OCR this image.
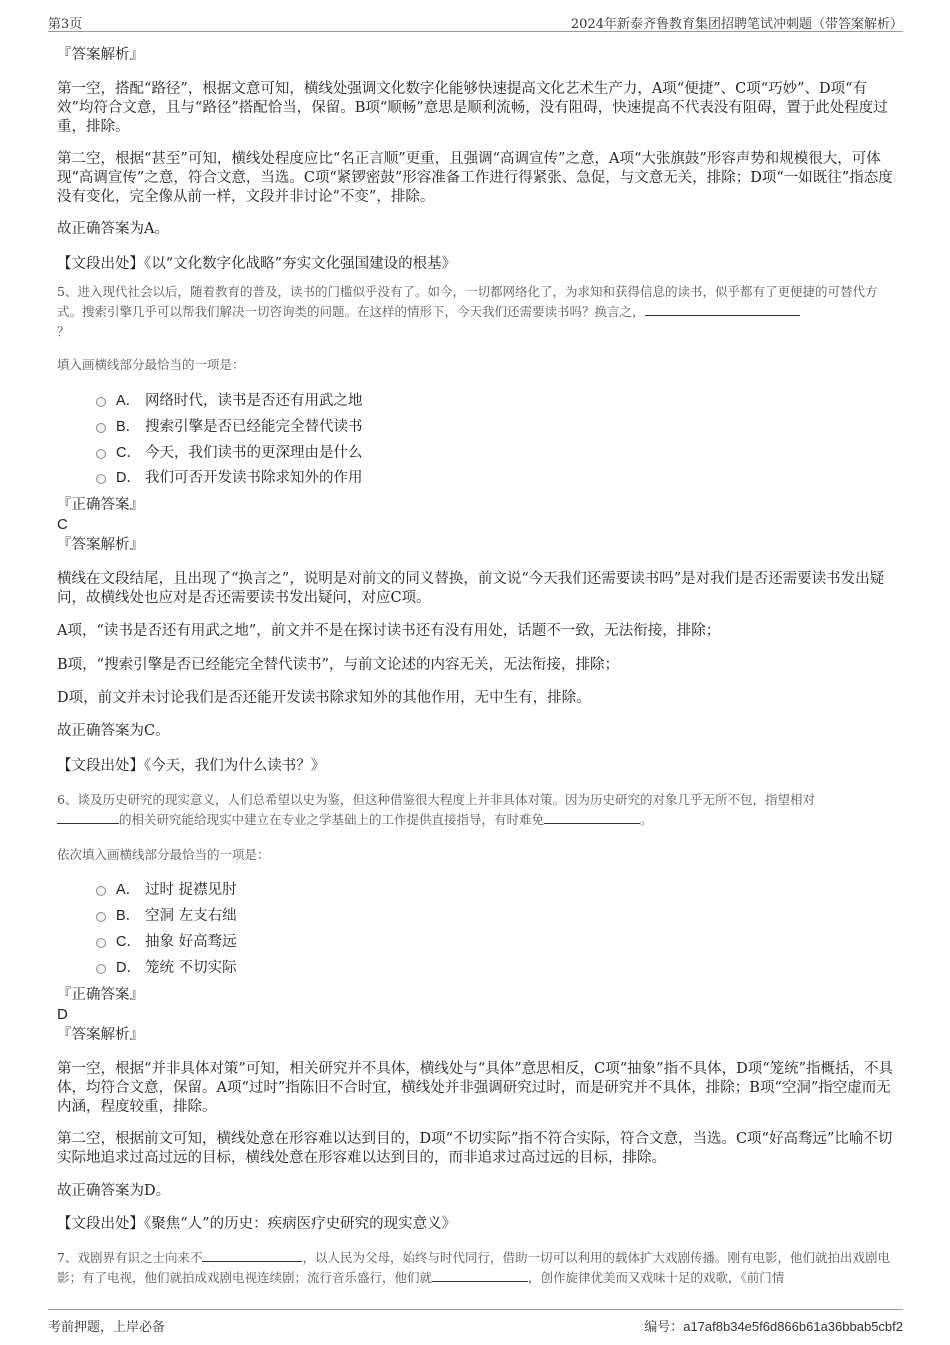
第3页	2024年新泰齐鲁教育集团招聘笔试冲刺题（带答案解析）
『答案解析』
第一空，搭配“路径”，根据文意可知，横线处强调文化数字化能够快速提高文化艺术生产力，A项“便捷”、C项“巧妙”、D项“有效”均符合文意，且与“路径”搭配恰当，保留。B项“顺畅”意思是顺利流畅，没有阻碍，快速提高不代表没有阻碍，置于此处程度过重，排除。
第二空，根据“甚至”可知，横线处程度应比“名正言顺”更重，且强调“高调宣传”之意，A项“大张旗鼓”形容声势和规模很大，可体现“高调宣传”之意，符合文意，当选。C项“紧锣密鼓”形容准备工作进行得紧张、急促，与文意无关，排除；D项“一如既往”指态度没有变化，完全像从前一样，文段并非讨论“不变”，排除。
故正确答案为A。
【文段出处】《以“文化数字化战略”夯实文化强国建设的根基》
5、进入现代社会以后，随着教育的普及，读书的门槛似乎没有了。如今，一切都网络化了，为求知和获得信息的读书，似乎都有了更便捷的可替代方式。搜索引擎几乎可以帮我们解决一切咨询类的问题。在这样的情形下，今天我们还需要读书吗？换言之，
？
填入画横线部分最恰当的一项是：
A． 网络时代，读书是否还有用武之地
B． 搜索引擎是否已经能完全替代读书
C． 今天，我们读书的更深理由是什么
D． 我们可否开发读书除求知外的作用
『正确答案』
C
『答案解析』
横线在文段结尾，且出现了“换言之”，说明是对前文的同义替换，前文说“今天我们还需要读书吗”是对我们是否还需要读书发出疑问，故横线处也应对是否还需要读书发出疑问，对应C项。
A项，“读书是否还有用武之地”，前文并不是在探讨读书还有没有用处，话题不一致，无法衔接，排除；
B项，“搜索引擎是否已经能完全替代读书”，与前文论述的内容无关，无法衔接，排除；
D项，前文并未讨论我们是否还能开发读书除求知外的其他作用，无中生有，排除。
故正确答案为C。
【文段出处】《今天，我们为什么读书？》
6、谈及历史研究的现实意义，人们总希望以史为鉴，但这种借鉴很大程度上并非具体对策。因为历史研究的对象几乎无所不包，指望相对
的相关研究能给现实中建立在专业之学基础上的工作提供直接指导，有时难免	。
依次填入画横线部分最恰当的一项是：
A． 过时 捉襟见肘
B． 空洞 左支右绌
C． 抽象 好高骛远
D． 笼统 不切实际
『正确答案』
D
『答案解析』
第一空，根据“并非具体对策”可知，相关研究并不具体，横线处与“具体”意思相反，C项“抽象”指不具体，D项“笼统”指概括，不具体，均符合文意，保留。A项“过时”指陈旧不合时宜，横线处并非强调研究过时，而是研究并不具体，排除；B项“空洞”指空虚而无内涵，程度较重，排除。
第二空，根据前文可知，横线处意在形容难以达到目的，D项“不切实际”指不符合实际，符合文意，当选。C项“好高骛远”比喻不切实际地追求过高过远的目标，横线处意在形容难以达到目的，而非追求过高过远的目标，排除。
故正确答案为D。
【文段出处】《聚焦“人”的历史：疾病医疗史研究的现实意义》
7、戏剧界有识之士向来不	，以人民为父母，始终与时代同行，借助一切可以利用的载体扩大戏剧传播。刚有电影，他们就拍出戏剧电影；有了电视，他们就拍成戏剧电视连续剧；流行音乐盛行，他们就	，创作旋律优美而又戏味十足的戏歌，《前门情
考前押题，上岸必备	编号：a17af8b34e5f6d866b61a36bbab5cbf2
